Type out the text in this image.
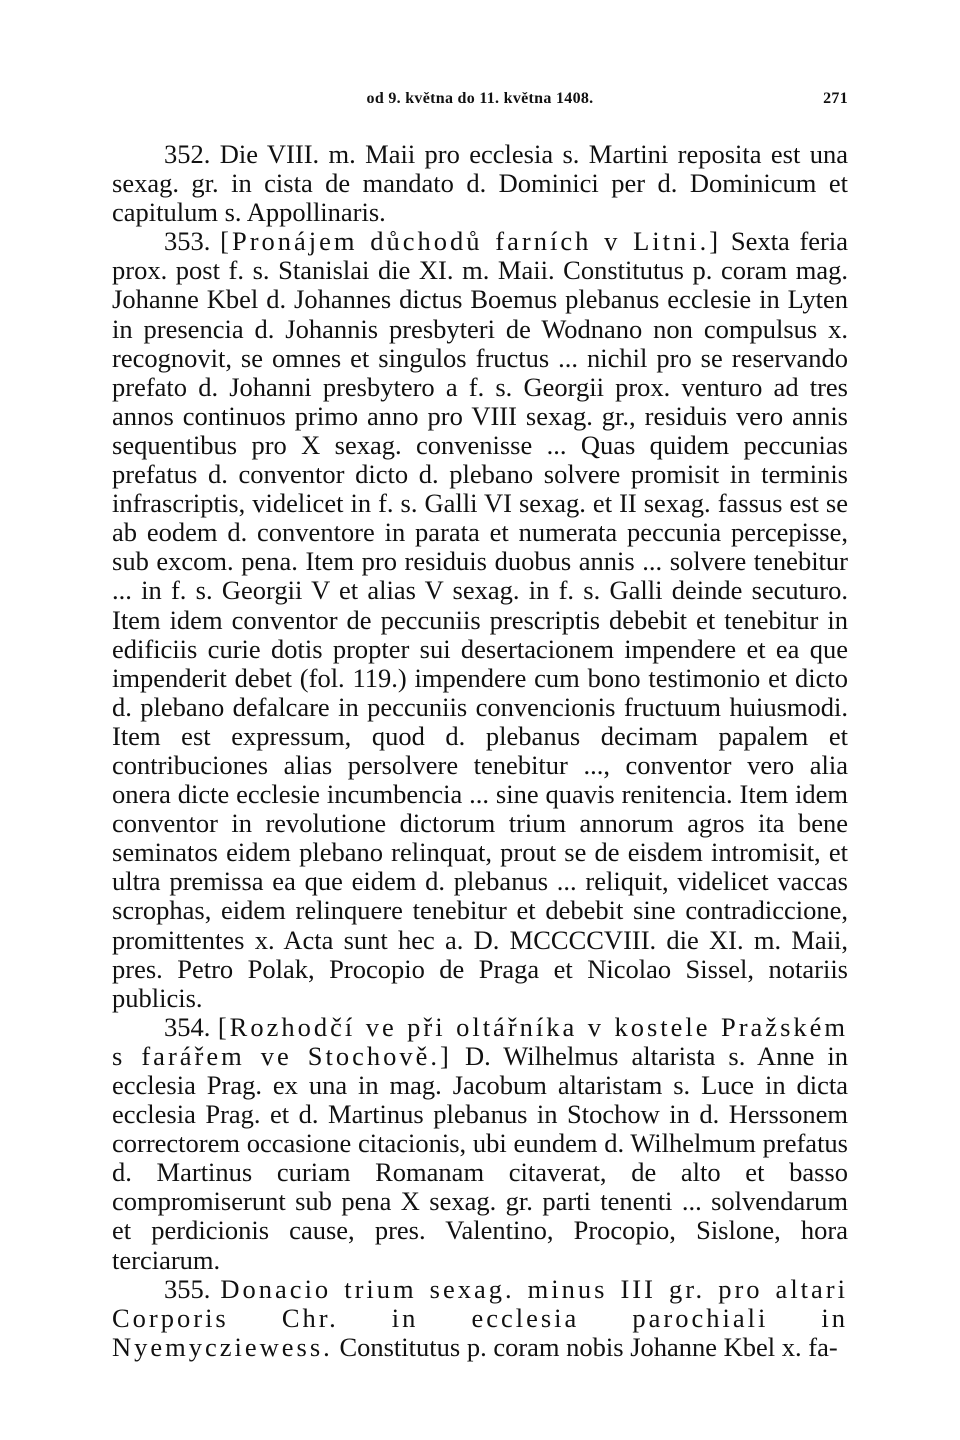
od 9. května do 11. května 1408.	271

352. Die VIII. m. Maii pro ecclesia s. Martini reposita est una sexag. gr. in cista de mandato d. Dominici per d. Dominicum et capitulum s. Appollinaris.

353. [Pronájem důchodů farních v Litni.] Sexta feria prox. post f. s. Stanislai die XI. m. Maii. Constitutus p. coram mag. Johanne Kbel d. Johannes dictus Boemus plebanus ecclesie in Lyten in presencia d. Johannis presbyteri de Wodnano non compulsus x. recognovit, se omnes et singulos fructus ... nichil pro se reservando prefato d. Johanni presbytero a f. s. Georgii prox. venturo ad tres annos continuos primo anno pro VIII sexag. gr., residuis vero annis sequentibus pro X sexag. convenisse ... Quas quidem peccunias prefatus d. conventor dicto d. plebano solvere promisit in terminis infrascriptis, videlicet in f. s. Galli VI sexag. et II sexag. fassus est se ab eodem d. conventore in parata et numerata peccunia percepisse, sub excom. pena. Item pro residuis duobus annis ... solvere tenebitur ... in f. s. Georgii V et alias V sexag. in f. s. Galli deinde secuturo. Item idem conventor de peccuniis prescriptis debebit et tenebitur in edificiis curie dotis propter sui desertacionem impendere et ea que impenderit debet (fol. 119.) impendere cum bono testimonio et dicto d. plebano defalcare in peccuniis convencionis fructuum huiusmodi. Item est expressum, quod d. plebanus decimam papalem et contribuciones alias persolvere tenebitur ..., conventor vero alia onera dicte ecclesie incumbencia ... sine quavis renitencia. Item idem conventor in revolutione dictorum trium annorum agros ita bene seminatos eidem plebano relinquat, prout se de eisdem intromisit, et ultra premissa ea que eidem d. plebanus ... reliquit, videlicet vaccas scrophas, eidem relinquere tenebitur et debebit sine contradiccione, promittentes x. Acta sunt hec a. D. MCCCCVIII. die XI. m. Maii, pres. Petro Polak, Procopio de Praga et Nicolao Sissel, notariis publicis.

354. [Rozhodčí ve při oltářníka v kostele Pražském s farářem ve Stochově.] D. Wilhelmus altarista s. Anne in ecclesia Prag. ex una in mag. Jacobum altaristam s. Luce in dicta ecclesia Prag. et d. Martinus plebanus in Stochow in d. Herssonem correctorem occasione citacionis, ubi eundem d. Wilhelmum prefatus d. Martinus curiam Romanam citaverat, de alto et basso compromiserunt sub pena X sexag. gr. parti tenenti ... solvendarum et perdicionis cause, pres. Valentino, Procopio, Sislone, hora terciarum.

355. Donacio trium sexag. minus III gr. pro altari Corporis Chr. in ecclesia parochiali in Nyemycziewess. Constitutus p. coram nobis Johanne Kbel x. fa-
